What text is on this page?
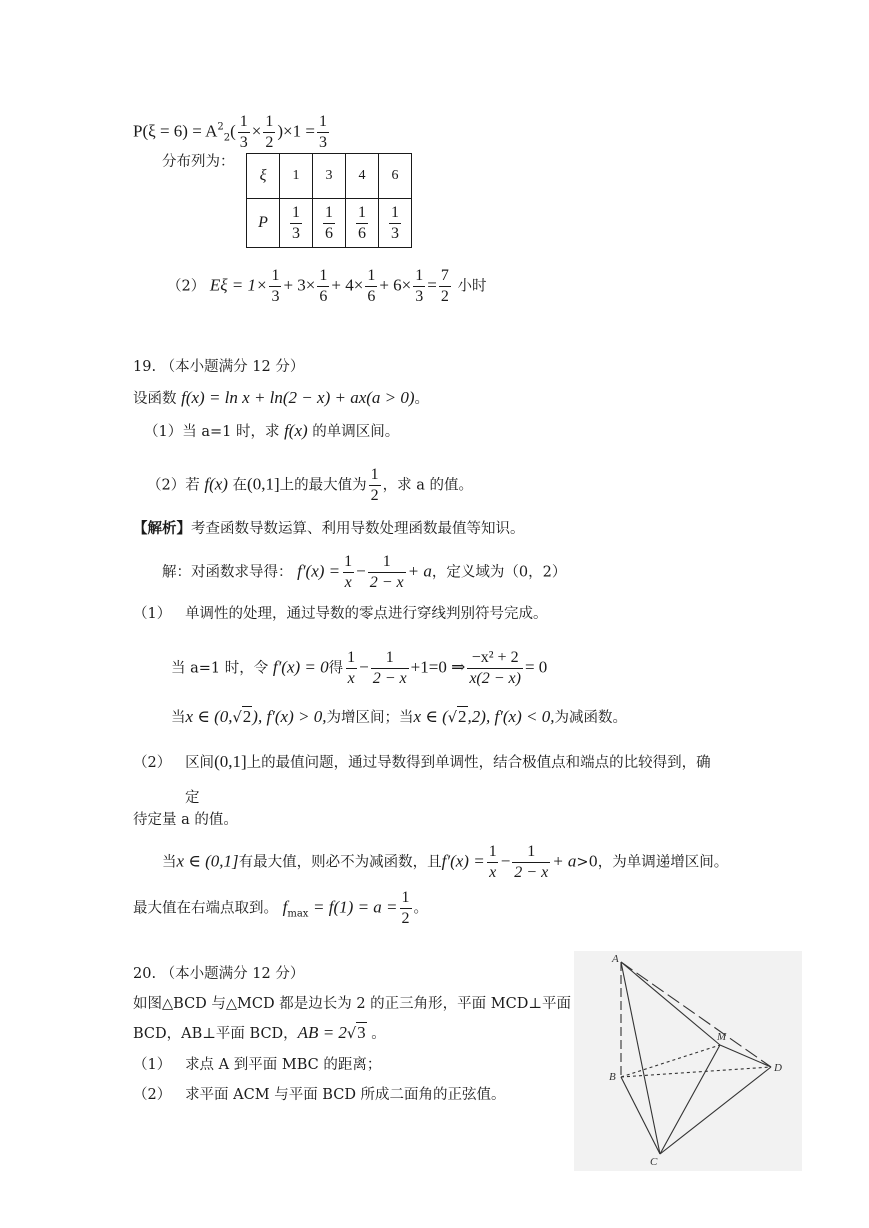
$P(\xi = 6) = A^2_2( \frac{1}{3} \times \frac{1}{2} )\times 1 = \frac{1}{3}$
分布列为：
ξ	1	3	4	6
P	$\frac{1}{3}$	$\frac{1}{6}$	$\frac{1}{6}$	$\frac{1}{3}$
（2） $E\xi = 1\times \frac{1}{3} + 3\times \frac{1}{6} + 4\times \frac{1}{6} + 6\times \frac{1}{3} = \frac{7}{2}$ 小时
19. （本小题满分 12 分）
设函数 f(x) = ln x + ln(2 − x) + ax(a > 0)。
（1）当 a=1 时，求 f(x) 的单调区间。
（2）若 f(x) 在(0,1]上的最大值为 $\frac{1}{2}$ ，求 a 的值。
【解析】考查函数导数运算、利用导数处理函数最值等知识。
解：对函数求导得： $f'(x) = \frac{1}{x} - \frac{1}{2 - x} + a$，定义域为（0，2）
（1） 单调性的处理，通过导数的零点进行穿线判别符号完成。
当 a=1 时，令 f′(x) = 0得 $\frac{1}{x} - \frac{1}{2 - x} +1=0$ ⇒ $\frac{\text{−x² + 2}}{x(2 - x)} = 0$
当x ∈ (0,√2), f′(x) > 0,为增区间；当x ∈ (√2,2), f′(x) < 0,为减函数。
（2） 区间(0,1]上的最值问题，通过导数得到单调性，结合极值点和端点的比较得到，确
定
待定量 a 的值。
当x ∈ (0,1]有最大值，则必不为减函数，且$f'(x) = \frac{1}{x} - \frac{1}{2 - x} + a>0$，为单调递增区间。
最大值在右端点取到。 $f_{max} = f(1) = a = \frac{1}{2}$ 。
20. （本小题满分 12 分）
如图△BCD 与△MCD 都是边长为 2 的正三角形，平面 MCD⊥平面
BCD，AB⊥平面 BCD，AB = 2√3 。
（1） 求点 A 到平面 MBC 的距离；
（2） 求平面 ACM 与平面 BCD 所成二面角的正弦值。
A
M
B
D
C
